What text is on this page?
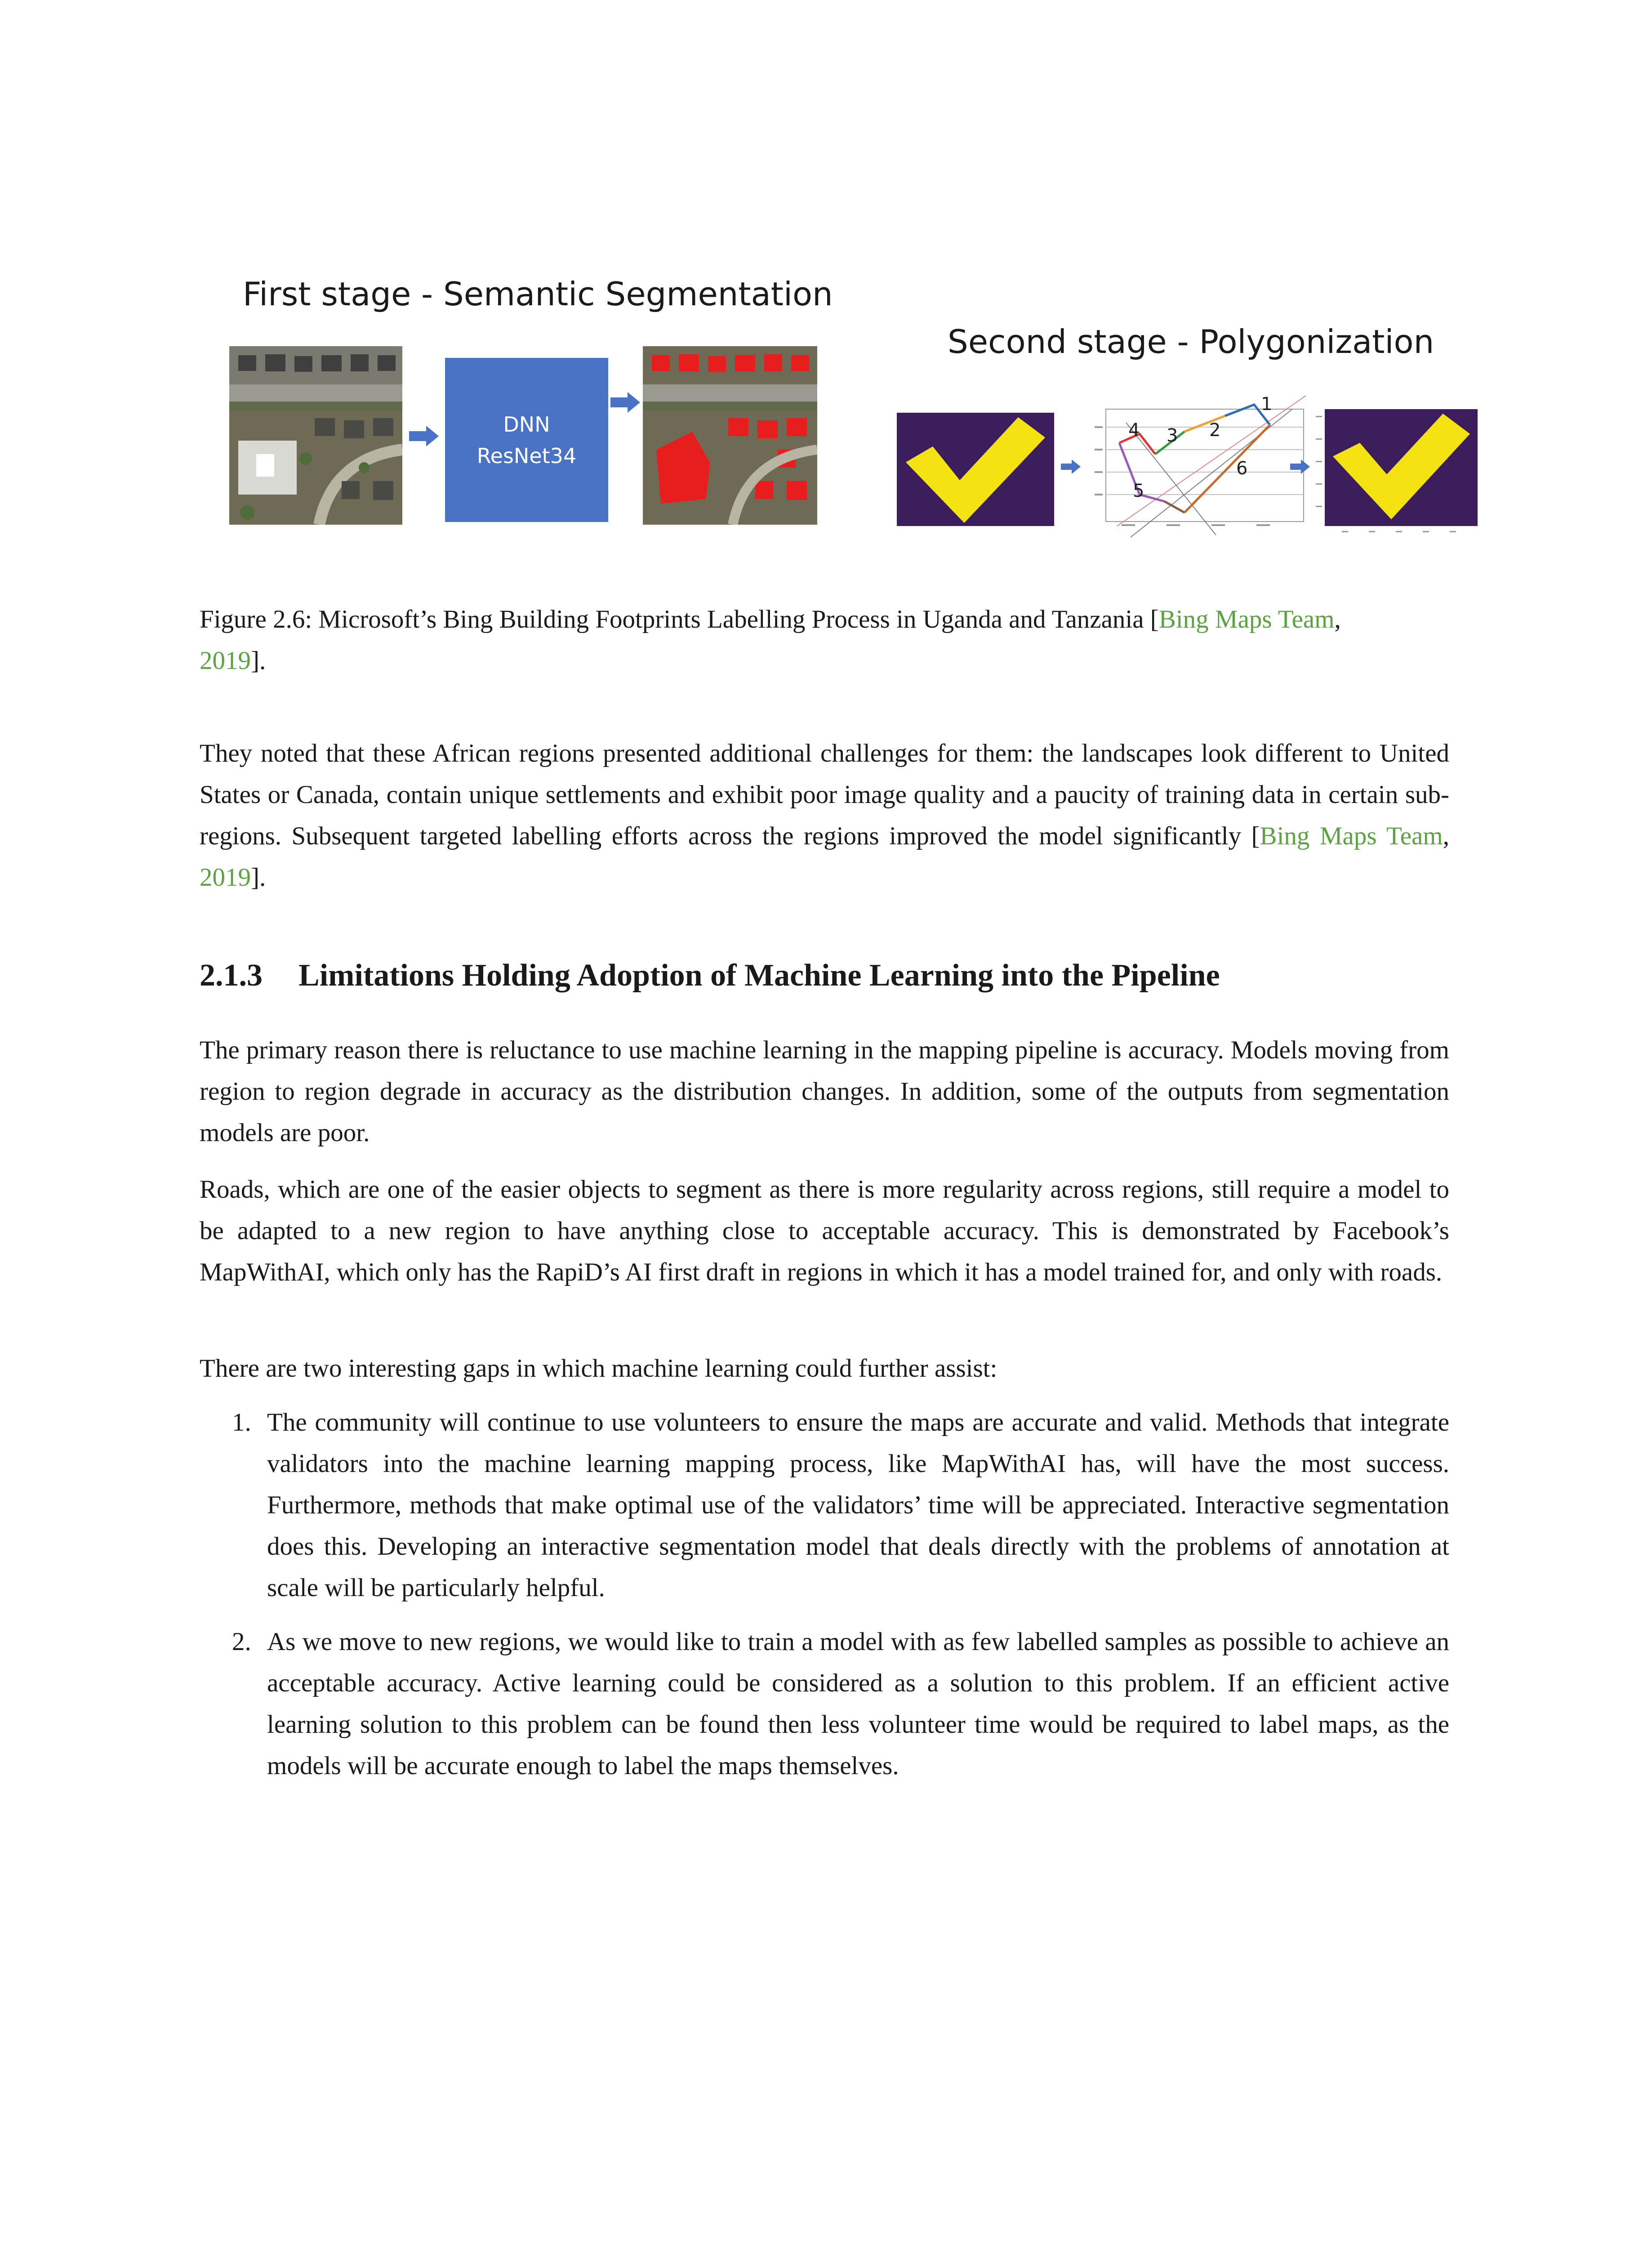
First stage - Semantic Segmentation
Second stage - Polygonization
DNN
ResNet34
1
2
3
4
5
6
Figure 2.6: Microsoft’s Bing Building Footprints Labelling Process in Uganda and Tanzania [Bing Maps Team,
2019].
They noted that these African regions presented additional challenges for them: the landscapes look different to United States or Canada, contain unique settlements and exhibit poor image quality and a paucity of training data in certain sub-regions. Subsequent targeted labelling efforts across the regions improved the model significantly [Bing Maps Team, 2019].
2.1.3 Limitations Holding Adoption of Machine Learning into the Pipeline
The primary reason there is reluctance to use machine learning in the mapping pipeline is accuracy. Models moving from region to region degrade in accuracy as the distribution changes. In addition, some of the outputs from segmentation models are poor.
Roads, which are one of the easier objects to segment as there is more regularity across regions, still require a model to be adapted to a new region to have anything close to acceptable accuracy. This is demonstrated by Facebook’s MapWithAI, which only has the RapiD’s AI first draft in regions in which it has a model trained for, and only with roads.
There are two interesting gaps in which machine learning could further assist:
1. The community will continue to use volunteers to ensure the maps are accurate and valid. Methods that integrate validators into the machine learning mapping process, like MapWithAI has, will have the most success. Furthermore, methods that make optimal use of the validators’ time will be appreciated. Interactive segmentation does this. Developing an interactive segmentation model that deals directly with the problems of annotation at scale will be particularly helpful.
2. As we move to new regions, we would like to train a model with as few labelled samples as possible to achieve an acceptable accuracy. Active learning could be considered as a solution to this problem. If an efficient active learning solution to this problem can be found then less volunteer time would be required to label maps, as the models will be accurate enough to label the maps themselves.
